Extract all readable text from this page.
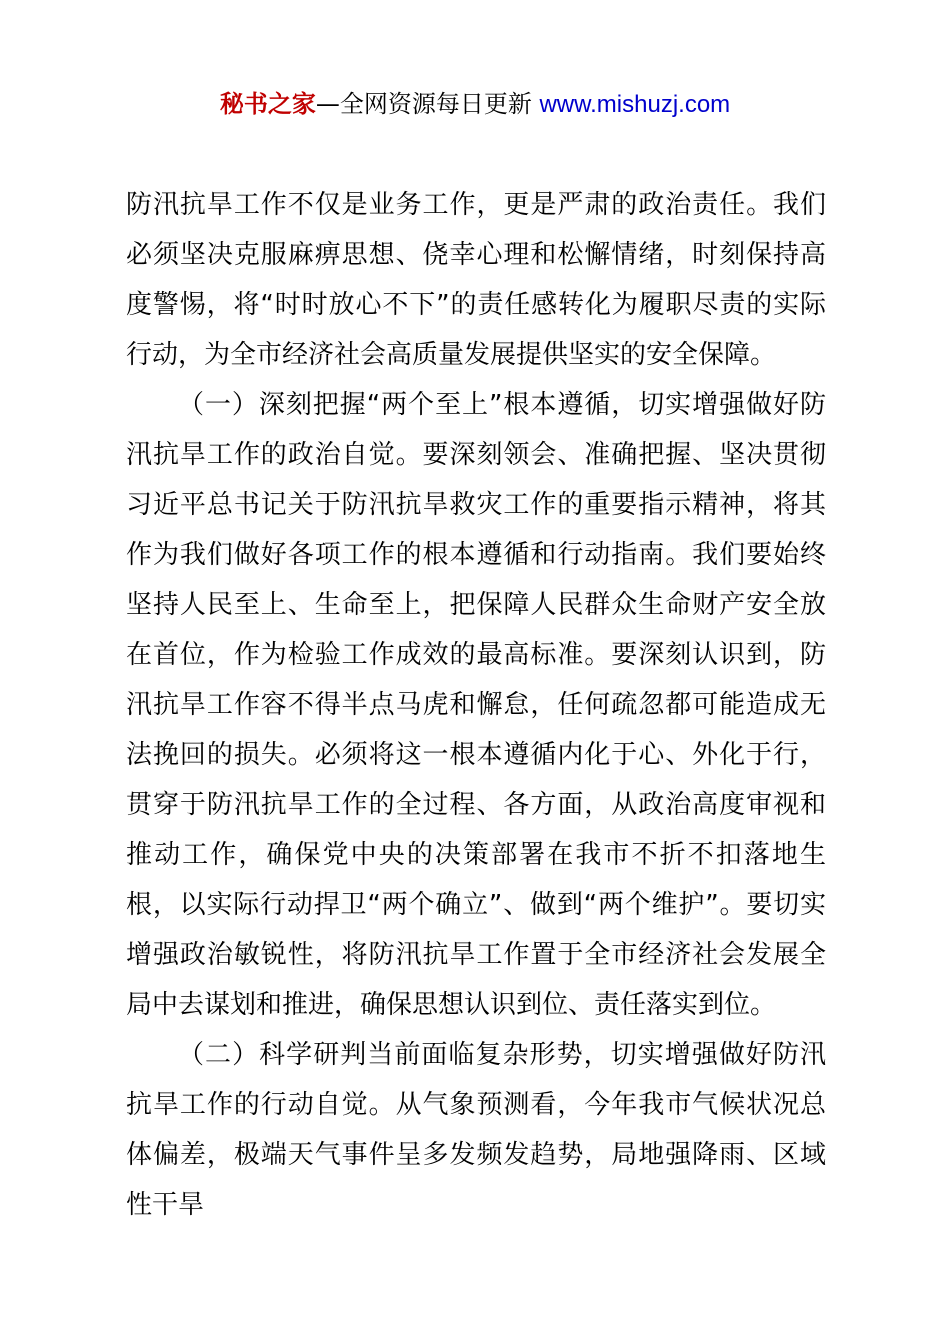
秘书之家—全网资源每日更新 www.mishuzj.com

防汛抗旱工作不仅是业务工作，更是严肃的政治责任。我们必须坚决克服麻痹思想、侥幸心理和松懈情绪，时刻保持高度警惕，将“时时放心不下”的责任感转化为履职尽责的实际行动，为全市经济社会高质量发展提供坚实的安全保障。

（一）深刻把握“两个至上”根本遵循，切实增强做好防汛抗旱工作的政治自觉。要深刻领会、准确把握、坚决贯彻习近平总书记关于防汛抗旱救灾工作的重要指示精神，将其作为我们做好各项工作的根本遵循和行动指南。我们要始终坚持人民至上、生命至上，把保障人民群众生命财产安全放在首位，作为检验工作成效的最高标准。要深刻认识到，防汛抗旱工作容不得半点马虎和懈怠，任何疏忽都可能造成无法挽回的损失。必须将这一根本遵循内化于心、外化于行，贯穿于防汛抗旱工作的全过程、各方面，从政治高度审视和推动工作，确保党中央的决策部署在我市不折不扣落地生根，以实际行动捍卫“两个确立”、做到“两个维护”。要切实增强政治敏锐性，将防汛抗旱工作置于全市经济社会发展全局中去谋划和推进，确保思想认识到位、责任落实到位。

（二）科学研判当前面临复杂形势，切实增强做好防汛抗旱工作的行动自觉。从气象预测看，今年我市气候状况总体偏差，极端天气事件呈多发频发趋势，局地强降雨、区域性干旱
